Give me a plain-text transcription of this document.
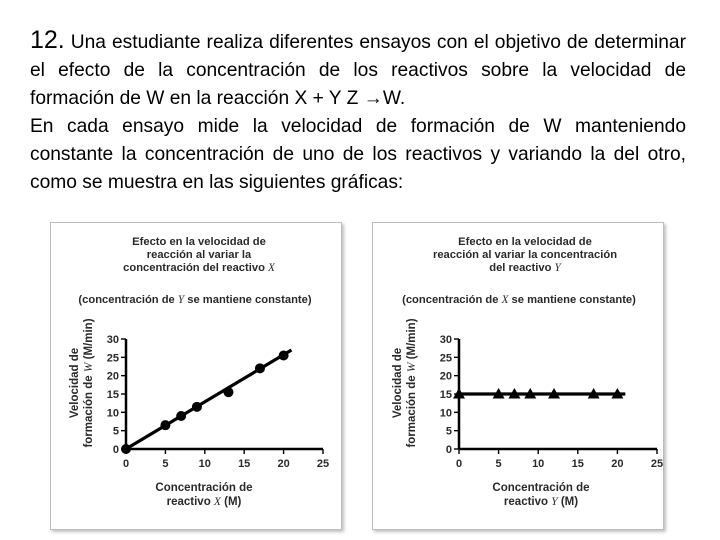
12. Una estudiante realiza diferentes ensayos con el objetivo de determinar el efecto de la concentración de los reactivos sobre la velocidad de formación de W en la reacción X + Y Z →W.

En cada ensayo mide la velocidad de formación de W manteniendo constante la concentración de uno de los reactivos y variando la del otro, como se muestra en las siguientes gráficas:

Efecto en la velocidad de
reacción al variar la
concentración del reactivo X
(concentración de Y se mantiene constante)
Velocidad de formación de W (M/min)
0
5
10
15
20
25
30
0	5	10 15 20 25
Concentración de
reactivo X (M)
Efecto en la velocidad de
reacción al variar la concentración
del reactivo Y
(concentración de X se mantiene constante)
Velocidad de formación de W (M/min)
0
5
10
15
20
25
30
0	5	10 15 20 25
Concentración de
reactivo Y (M)
